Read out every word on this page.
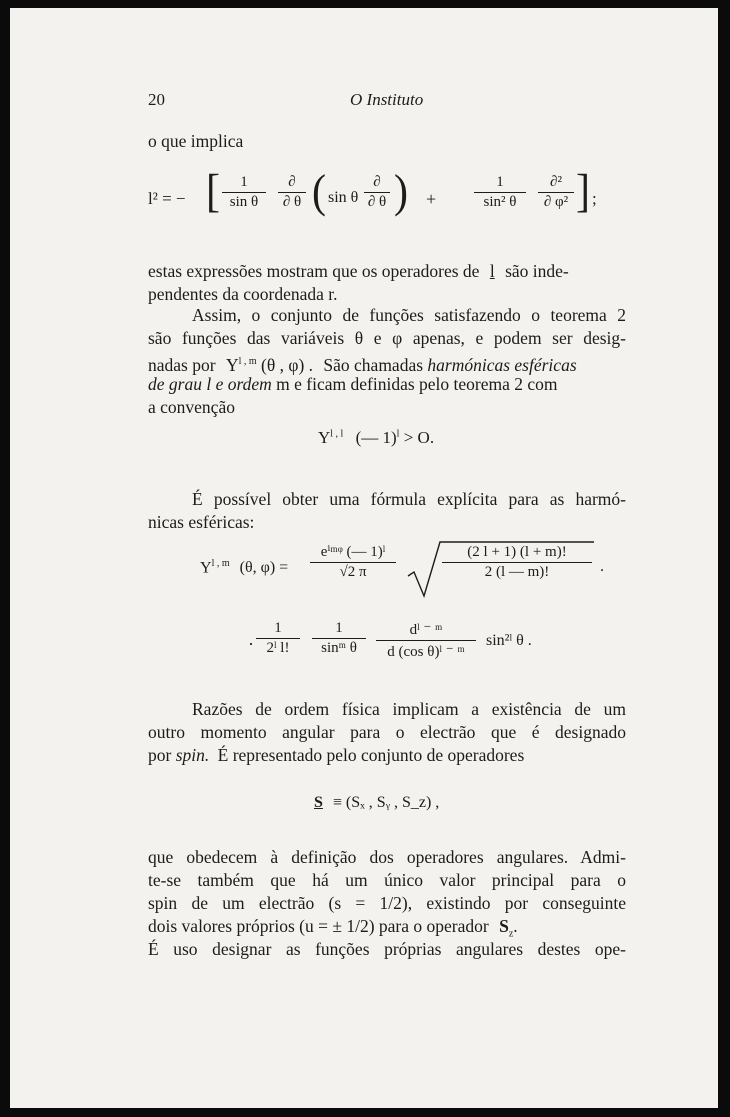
20	O Instituto
o que implica
l² = − [	1
sin θ
∂
∂ θ ( sin θ
∂
∂ θ ) +
1
sin² θ
∂²
∂ φ² ] ;
estas expressões mostram que os operadores de l são inde-
pendentes da coordenada r.
Assim, o conjunto de funções satisfazendo o teorema 2
são funções das variáveis θ e φ apenas, e podem ser desig-
nadas por Y$^{l , m}$ (θ , φ) . São chamadas harmónicas esféricas
de grau l e ordem m e ficam definidas pelo teorema 2 com
a convenção
Y$^{l , l}$ (— 1)$^l$ > O.
É possível obter uma fórmula explícita para as harmó-
nicas esféricas:
Y$^{l , m}$ (θ, φ) =
eⁱᵐᵠ (— 1)ˡ
√2 π
(2 l + 1) (l + m)!
2 (l — m)!	.
·
1
2ˡ l!
1
sinᵐ θ
dˡ ⁻ ᵐ
d (cos θ)ˡ ⁻ ᵐ
sin²ˡ θ .
Razões de ordem física implicam a existência de um
outro momento angular para o electrão que é designado
por spin. É representado pelo conjunto de operadores
S ≡ (Sₓ , Sᵧ , S_z) ,
que obedecem à definição dos operadores angulares. Admi-
te-se também que há um único valor principal para o
spin de um electrão (s = 1/2), existindo por conseguinte
dois valores próprios (u = ± 1/2) para o operador $S_z$.
É uso designar as funções próprias angulares destes ope-
